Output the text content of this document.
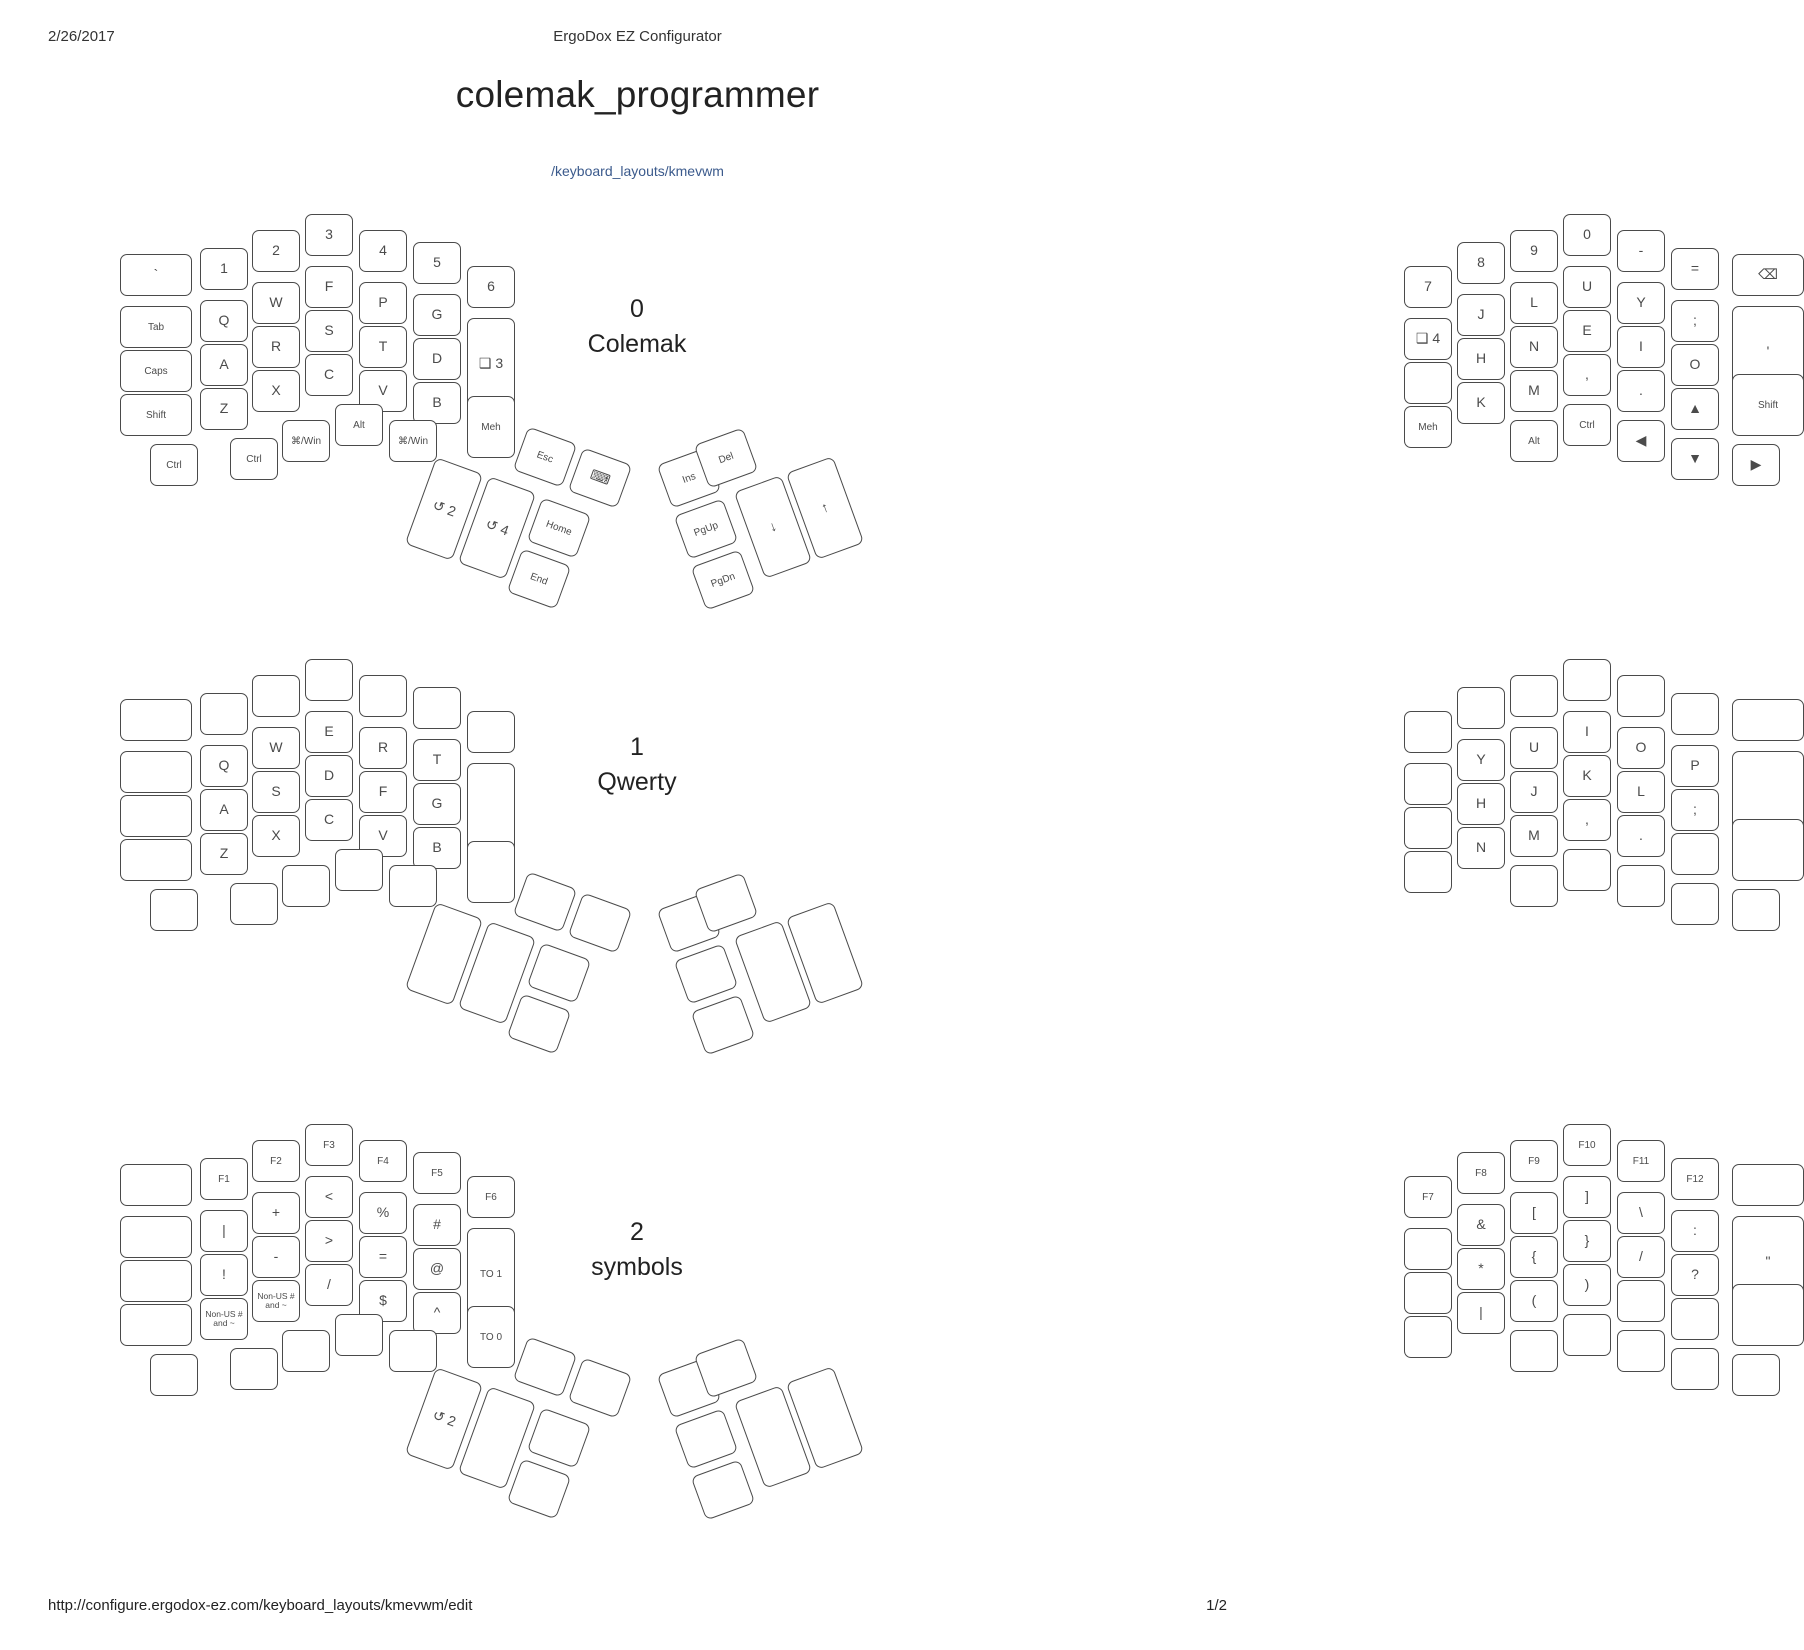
2/26/2017	ErgoDox EZ Configurator
colemak_programmer
/keyboard_layouts/kmevwm
0
Colemak
`	1
2
3
4
5
6
Tab	Q
W
F
P
G
❑ 3
Caps	A
R
S
T
D
Shift	Z
X
C
V
B
Meh
Ctrl
Ctrl
⌘/Win
Alt
⌘/Win
7
8
9
0
-
=	⌫
❑ 4
J
L
U
Y
;
'
H
N
E
I
O
Meh
K
M
,
.
▲	Shift
Alt
Ctrl
◀
▼	▶
Esc
⌨
↺ 2
↺ 4	Home
End
Ins
Del
PgUp
PgDn
↓
↑
1
Qwerty
Q
W
E
R
T
A
S
D
F
G
Z
X
C
V
B
Y
U
I
O
P
H
J
K
L
;
N
M
,
.
2
symbols
F1
F2
F3
F4
F5
F6
|
+
<
%
#
TO 1
!
-
>
=
@
Non-US # and ~
Non-US # and ~
/
$
^
TO 0
F7
F8
F9
F10
F11
F12
&
[
]
\
:
"
*
{
}
/
?
|
(
)
↺ 2
http://configure.ergodox-ez.com/keyboard_layouts/kmevwm/edit	1/2
